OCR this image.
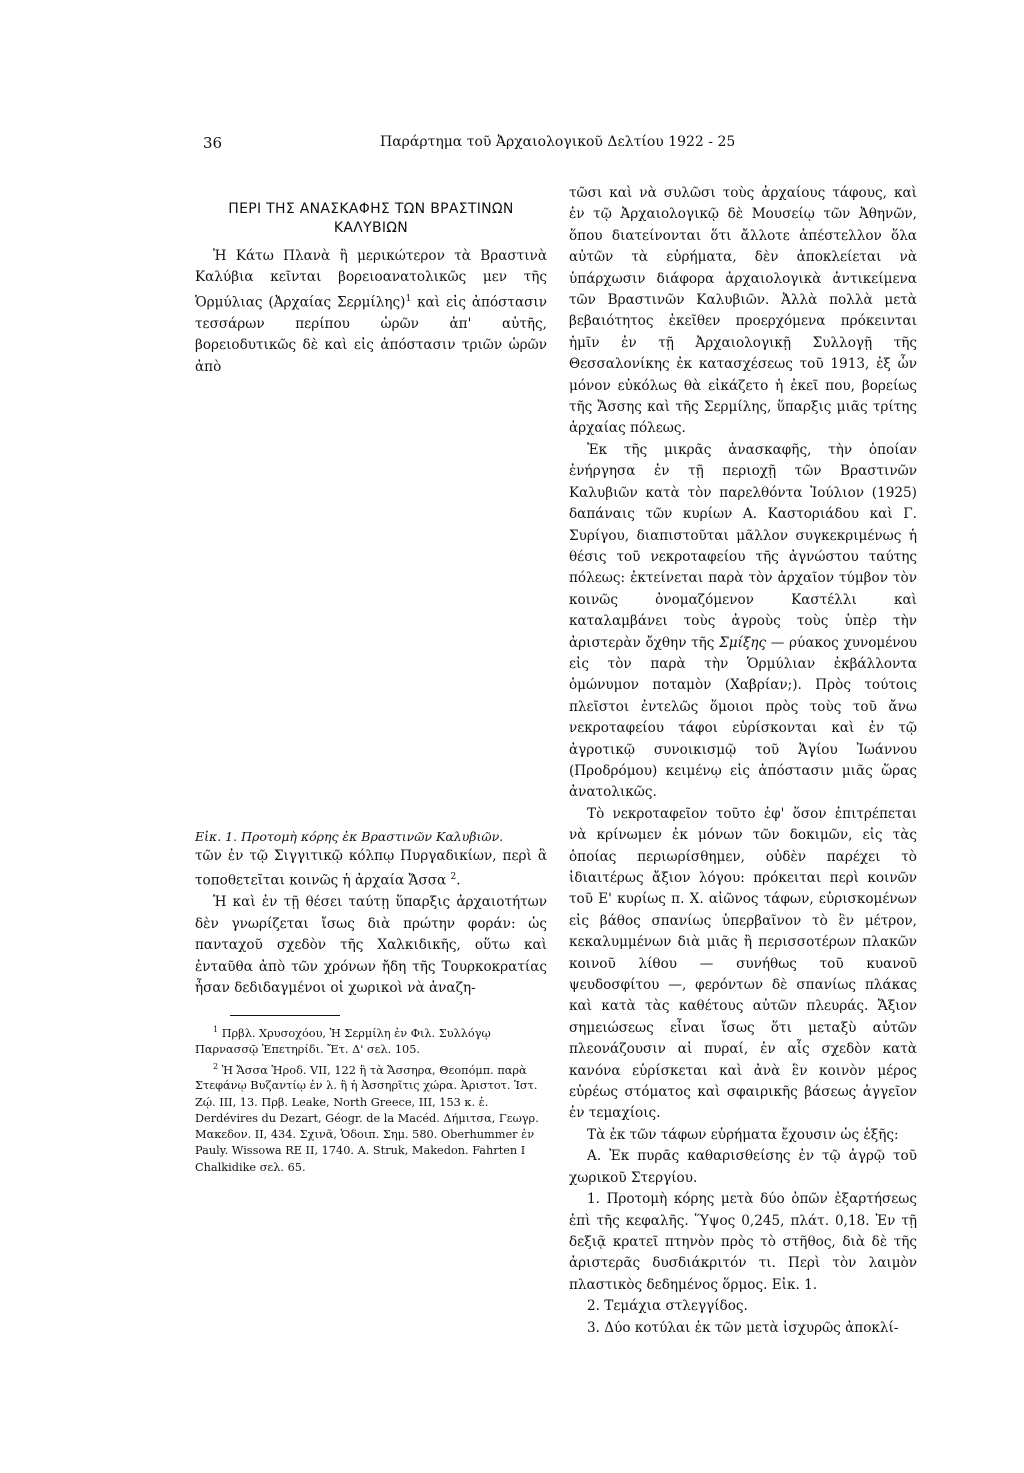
36	Παράρτημα τοῦ Ἀρχαιολογικοῦ Δελτίου 1922 - 25
ΠΕΡΙ ΤΗΣ ΑΝΑΣΚΑΦΗΣ ΤΩΝ ΒΡΑΣΤΙΝΩΝ
ΚΑΛΥΒΙΩΝ

Ἡ Κάτω Πλανὰ ἢ μερικώτερον τὰ Βραστινὰ Καλύβια κεῖνται βορειοανατολικῶς μεν τῆς Ὁρμύλιας (Ἀρχαίας Σερμίλης)$^1$ καὶ εἰς ἀπόστασιν τεσσάρων περίπου ὡρῶν ἀπ' αὐτῆς, βορειοδυτικῶς δὲ καὶ εἰς ἀπόστασιν τριῶν ὡρῶν ἀπὸ

Εἰκ. 1. Προτομὴ κόρης ἐκ Βραστινῶν Καλυβιῶν.

τῶν ἐν τῷ Σιγγιτικῷ κόλπῳ Πυργαδικίων, περὶ ἃ τοποθετεῖται κοινῶς ἡ ἀρχαία Ἄσσα $^2$.

Ἡ καὶ ἐν τῇ θέσει ταύτῃ ὕπαρξις ἀρχαιοτήτων δὲν γνωρίζεται ἴσως διὰ πρώτην φοράν: ὡς πανταχοῦ σχεδὸν τῆς Χαλκιδικῆς, οὕτω καὶ ἐνταῦθα ἀπὸ τῶν χρόνων ἤδη τῆς Τουρκοκρατίας ἦσαν δεδιδαγμένοι οἱ χωρικοὶ νὰ ἀναζη-

$^1$ Πρβλ. Χρυσοχόου, Ἡ Σερμίλη ἐν Φιλ. Συλλόγῳ Παρνασσῷ Ἐπετηρίδι. Ἔτ. Δ' σελ. 105.

$^2$ Ἡ Ἄσσα Ἡροδ. VII, 122 ἢ τὰ Ἄσσηρα, Θεοπόμπ. παρὰ Στεφάνῳ Βυζαντίῳ ἐν λ. ἢ ἡ Ἀσσηρῖτις χώρα. Ἀριστοτ. Ἱστ. Ζῴ. III, 13. Πρβ. Leake, North Greece, III, 153 κ. ἑ. Derdévires du Dezart, Géogr. de la Macéd. Δήμιτσα, Γεωγρ. Μακεδον. II, 434. Σχινᾶ, Ὁδοιπ. Σημ. 580. Oberhummer ἐν Pauly. Wissowa RE II, 1740. A. Struk, Makedon. Fahrten I Chalkidike σελ. 65.

τῶσι καὶ νὰ συλῶσι τοὺς ἀρχαίους τάφους, καὶ ἐν τῷ Ἀρχαιολογικῷ δὲ Μουσείῳ τῶν Ἀθηνῶν, ὅπου διατείνονται ὅτι ἄλλοτε ἀπέστελλον ὅλα αὐτῶν τὰ εὑρήματα, δὲν ἀποκλείεται νὰ ὑπάρχωσιν διάφορα ἀρχαιολογικὰ ἀντικείμενα τῶν Βραστινῶν Καλυβιῶν. Ἀλλὰ πολλὰ μετὰ βεβαιότητος ἐκεῖθεν προερχόμενα πρόκεινται ἡμῖν ἐν τῇ Ἀρχαιολογικῇ Συλλογῇ τῆς Θεσσαλονίκης ἐκ κατασχέσεως τοῦ 1913, ἐξ ὧν μόνον εὐκόλως θὰ εἰκάζετο ἡ ἐκεῖ που, βορείως τῆς Ἄσσης καὶ τῆς Σερμίλης, ὕπαρξις μιᾶς τρίτης ἀρχαίας πόλεως.

Ἐκ τῆς μικρᾶς ἀνασκαφῆς, τὴν ὁποίαν ἐνήργησα ἐν τῇ περιοχῇ τῶν Βραστινῶν Καλυβιῶν κατὰ τὸν παρελθόντα Ἰούλιον (1925) δαπάναις τῶν κυρίων Α. Καστοριάδου καὶ Γ. Συρίγου, διαπιστοῦται μᾶλλον συγκεκριμένως ἡ θέσις τοῦ νεκροταφείου τῆς ἀγνώστου ταύτης πόλεως: ἐκτείνεται παρὰ τὸν ἀρχαῖον τύμβον τὸν κοινῶς ὀνομαζόμενον Καστέλλι καὶ καταλαμβάνει τοὺς ἀγροὺς τοὺς ὑπὲρ τὴν ἀριστερὰν ὄχθην τῆς Σμίξης — ρύακος χυνομένου εἰς τὸν παρὰ τὴν Ὁρμύλιαν ἐκβάλλοντα ὁμώνυμον ποταμὸν (Χαβρίαν;). Πρὸς τούτοις πλεῖστοι ἐντελῶς ὅμοιοι πρὸς τοὺς τοῦ ἄνω νεκροταφείου τάφοι εὑρίσκονται καὶ ἐν τῷ ἀγροτικῷ συνοικισμῷ τοῦ Ἁγίου Ἰωάννου (Προδρόμου) κειμένῳ εἰς ἀπόστασιν μιᾶς ὥρας ἀνατολικῶς.

Τὸ νεκροταφεῖον τοῦτο ἐφ' ὅσον ἐπιτρέπεται νὰ κρίνωμεν ἐκ μόνων τῶν δοκιμῶν, εἰς τὰς ὁποίας περιωρίσθημεν, οὐδὲν παρέχει τὸ ἰδιαιτέρως ἄξιον λόγου: πρόκειται περὶ κοινῶν τοῦ Ε' κυρίως π. Χ. αἰῶνος τάφων, εὑρισκομένων εἰς βάθος σπανίως ὑπερβαῖνον τὸ ἓν μέτρον, κεκαλυμμένων διὰ μιᾶς ἢ περισσοτέρων πλακῶν κοινοῦ λίθου — συνήθως τοῦ κυανοῦ ψευδοσφίτου —, φερόντων δὲ σπανίως πλάκας καὶ κατὰ τὰς καθέτους αὐτῶν πλευράς. Ἄξιον σημειώσεως εἶναι ἴσως ὅτι μεταξὺ αὐτῶν πλεονάζουσιν αἱ πυραί, ἐν αἷς σχεδὸν κατὰ κανόνα εὑρίσκεται καὶ ἀνὰ ἓν κοινὸν μέρος εὐρέως στόματος καὶ σφαιρικῆς βάσεως ἀγγεῖον ἐν τεμαχίοις.

Τὰ ἐκ τῶν τάφων εὑρήματα ἔχουσιν ὡς ἑξῆς:

Α. Ἐκ πυρᾶς καθαρισθείσης ἐν τῷ ἀγρῷ τοῦ χωρικοῦ Στεργίου.

1. Προτομὴ κόρης μετὰ δύο ὀπῶν ἐξαρτήσεως ἐπὶ τῆς κεφαλῆς. Ὕψος 0,245, πλάτ. 0,18. Ἐν τῇ δεξιᾷ κρατεῖ πτηνὸν πρὸς τὸ στῆθος, διὰ δὲ τῆς ἀριστερᾶς δυσδιάκριτόν τι. Περὶ τὸν λαιμὸν πλαστικὸς δεδημένος ὅρμος. Εἰκ. 1.

2. Τεμάχια στλεγγίδος.

3. Δύο κοτύλαι ἐκ τῶν μετὰ ἰσχυρῶς ἀποκλί-
